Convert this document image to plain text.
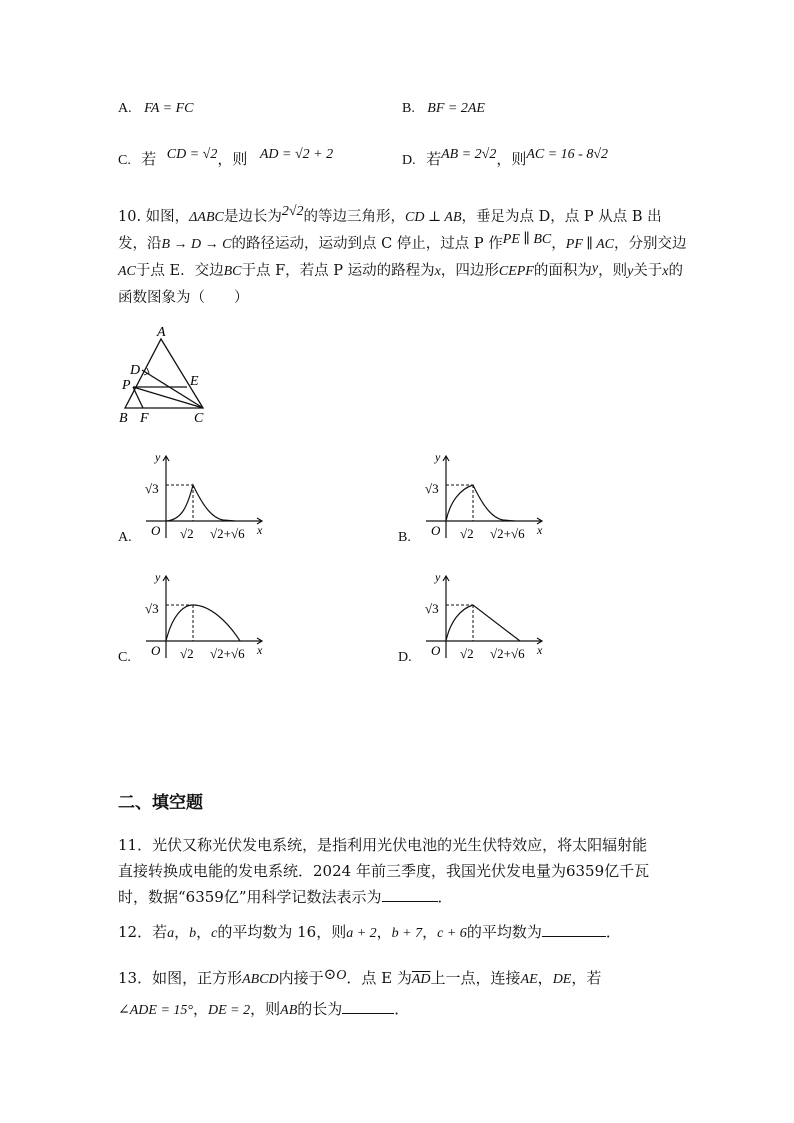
A. FA = FC	B. BF = 2AE
C. 若 CD = √2，则 AD = √2 + 2	D. 若AB = 2√2，则AC = 16 - 8√2
10. 如图，ΔABC是边长为2√2的等边三角形，CD ⊥ AB，垂足为点 D，点 P 从点 B 出发，沿B → D → C的路径运动，运动到点 C 停止，过点 P 作PE ∥ BC，PF ∥ AC，分别交边AC于点 E．交边BC于点 F，若点 P 运动的路程为x，四边形CEPF的面积为y，则y关于x的函数图象为（　　）
A
D
E
P
B F	C
A.
y
x
O
√3
√2 √2+√6	B.
y
x
O
√3
√2 √2+√6
C.
y
x
O
√3
√2 √2+√6	D.
y
x
O
√3
√2 √2+√6
二、填空题
11．光伏又称光伏发电系统，是指利用光伏电池的光生伏特效应，将太阳辐射能
直接转换成电能的发电系统．2024 年前三季度，我国光伏发电量为6359亿千瓦
时，数据“6359亿”用科学记数法表示为	．
12．若a，b，c的平均数为 16，则a + 2，b + 7，c + 6的平均数为	．
13．如图，正方形ABCD内接于⊙O．点 E 为$\overline{AD}$上一点，连接AE，DE，若
∠ADE = 15°，DE = 2，则AB的长为	．
